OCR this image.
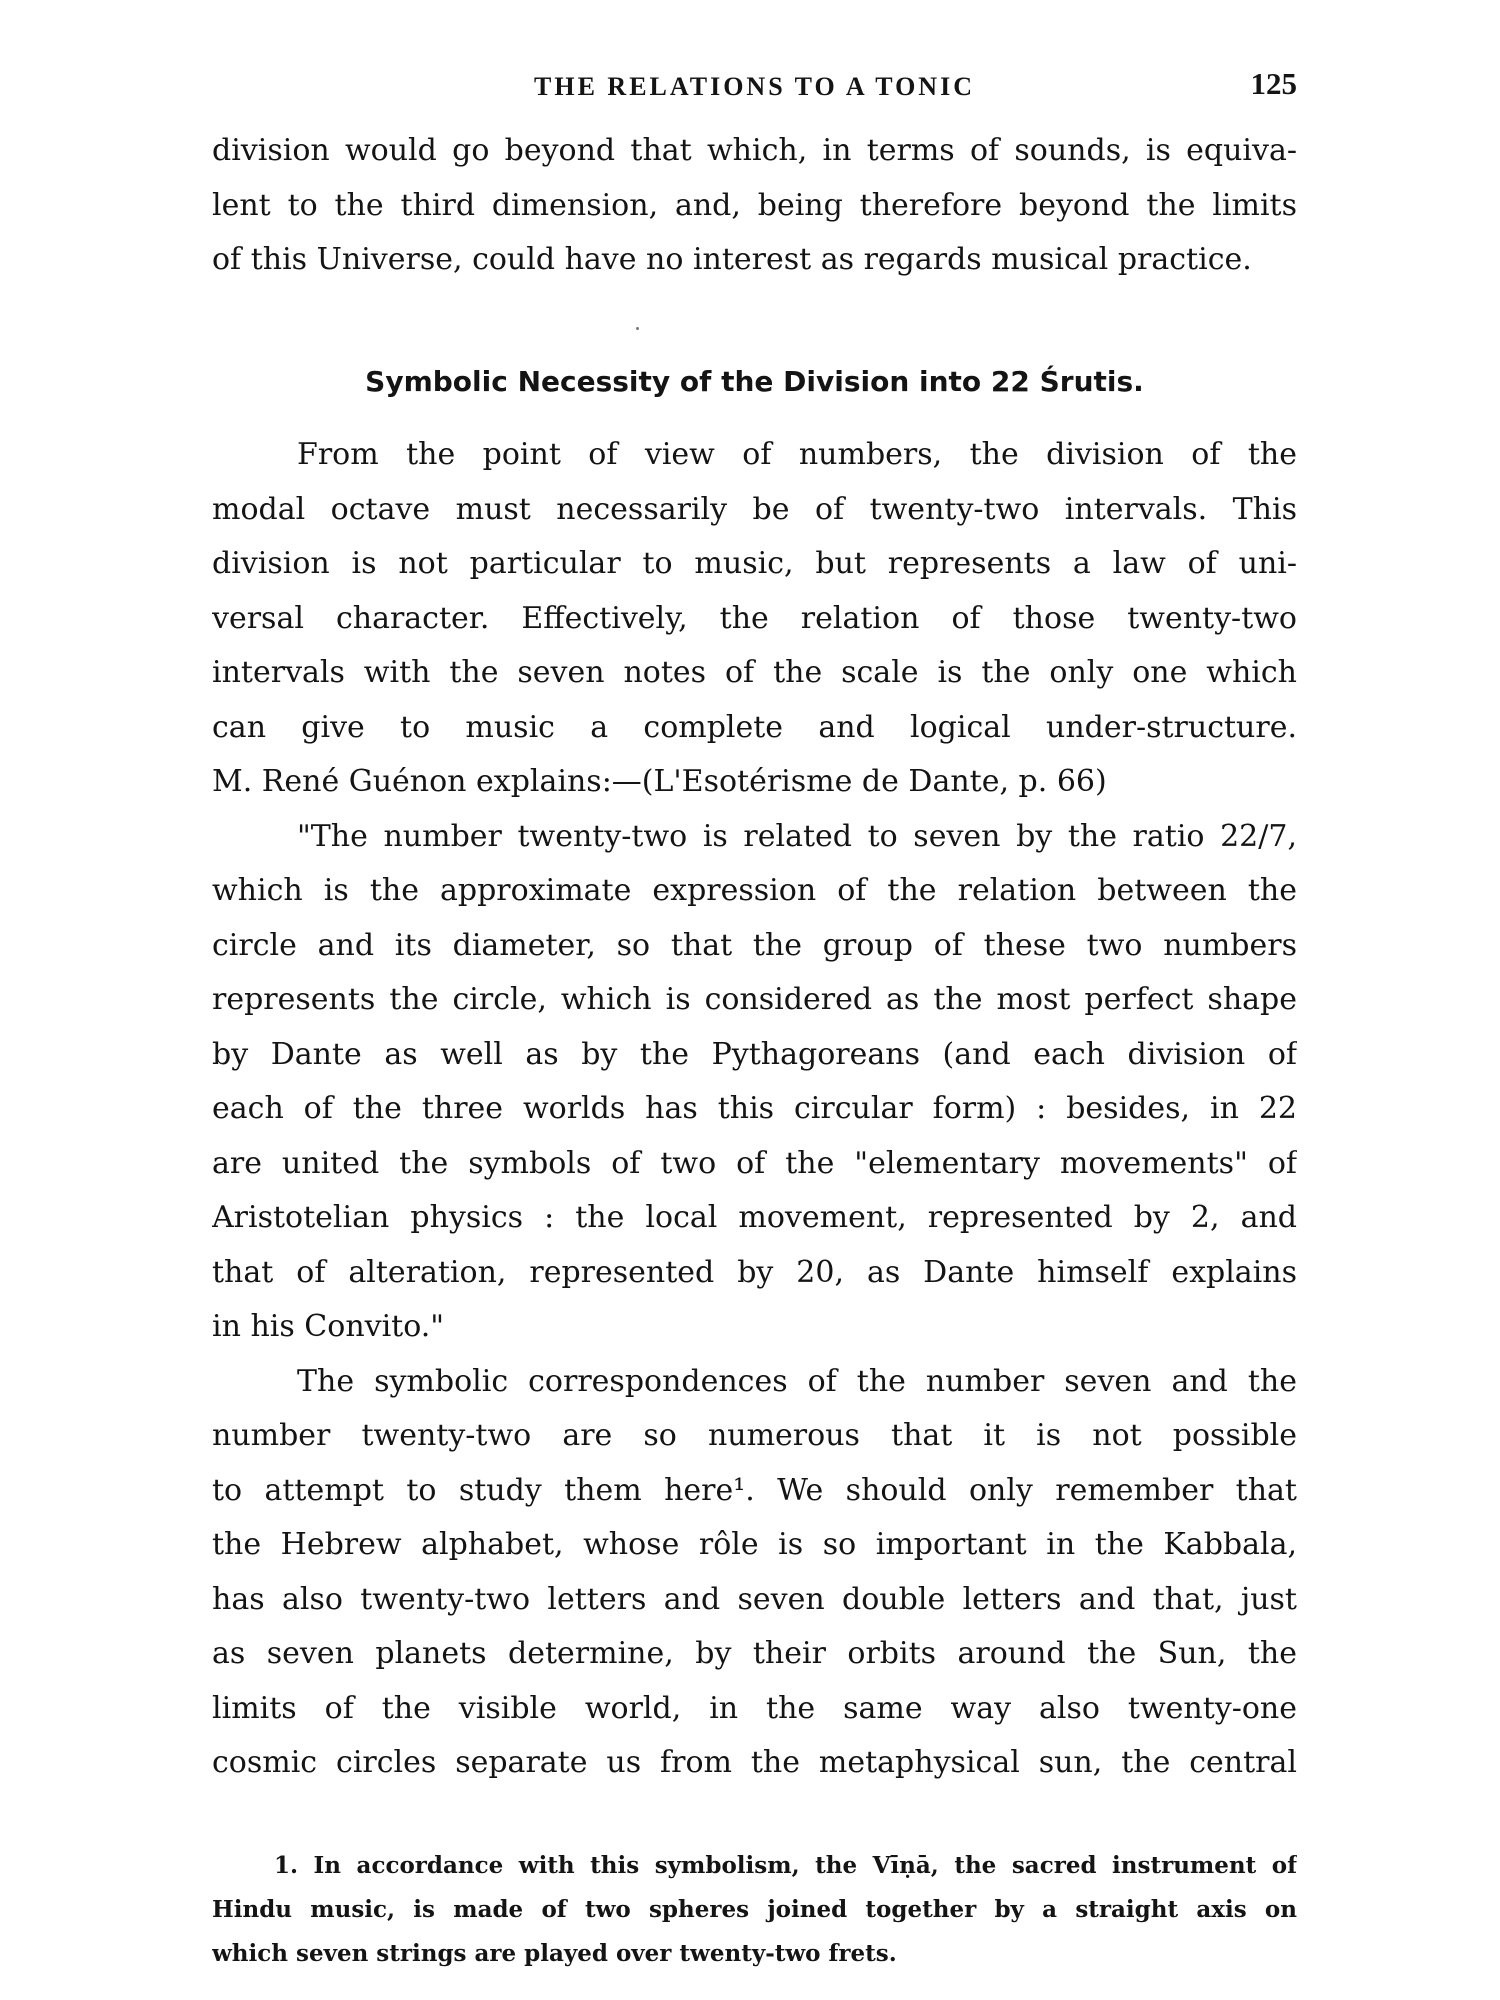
THE RELATIONS TO A TONIC	125
division would go beyond that which, in terms of sounds, is equiva-
lent to the third dimension, and, being therefore beyond the limits
of this Universe, could have no interest as regards musical practice.
Symbolic Necessity of the Division into 22 Śrutis.
From the point of view of numbers, the division of the
modal octave must necessarily be of twenty-two intervals. This
division is not particular to music, but represents a law of uni-
versal character. Effectively, the relation of those twenty-two
intervals with the seven notes of the scale is the only one which
can give to music a complete and logical under-structure.
M. René Guénon explains:—(L'Esotérisme de Dante, p. 66)
"The number twenty-two is related to seven by the ratio 22/7,
which is the approximate expression of the relation between the
circle and its diameter, so that the group of these two numbers
represents the circle, which is considered as the most perfect shape
by Dante as well as by the Pythagoreans (and each division of
each of the three worlds has this circular form) : besides, in 22
are united the symbols of two of the "elementary movements" of
Aristotelian physics : the local movement, represented by 2, and
that of alteration, represented by 20, as Dante himself explains
in his Convito."
The symbolic correspondences of the number seven and the
number twenty-two are so numerous that it is not possible
to attempt to study them here¹. We should only remember that
the Hebrew alphabet, whose rôle is so important in the Kabbala,
has also twenty-two letters and seven double letters and that, just
as seven planets determine, by their orbits around the Sun, the
limits of the visible world, in the same way also twenty-one
cosmic circles separate us from the metaphysical sun, the central
1. In accordance with this symbolism, the Vīṇā, the sacred instrument of
Hindu music, is made of two spheres joined together by a straight axis on
which seven strings are played over twenty-two frets.
